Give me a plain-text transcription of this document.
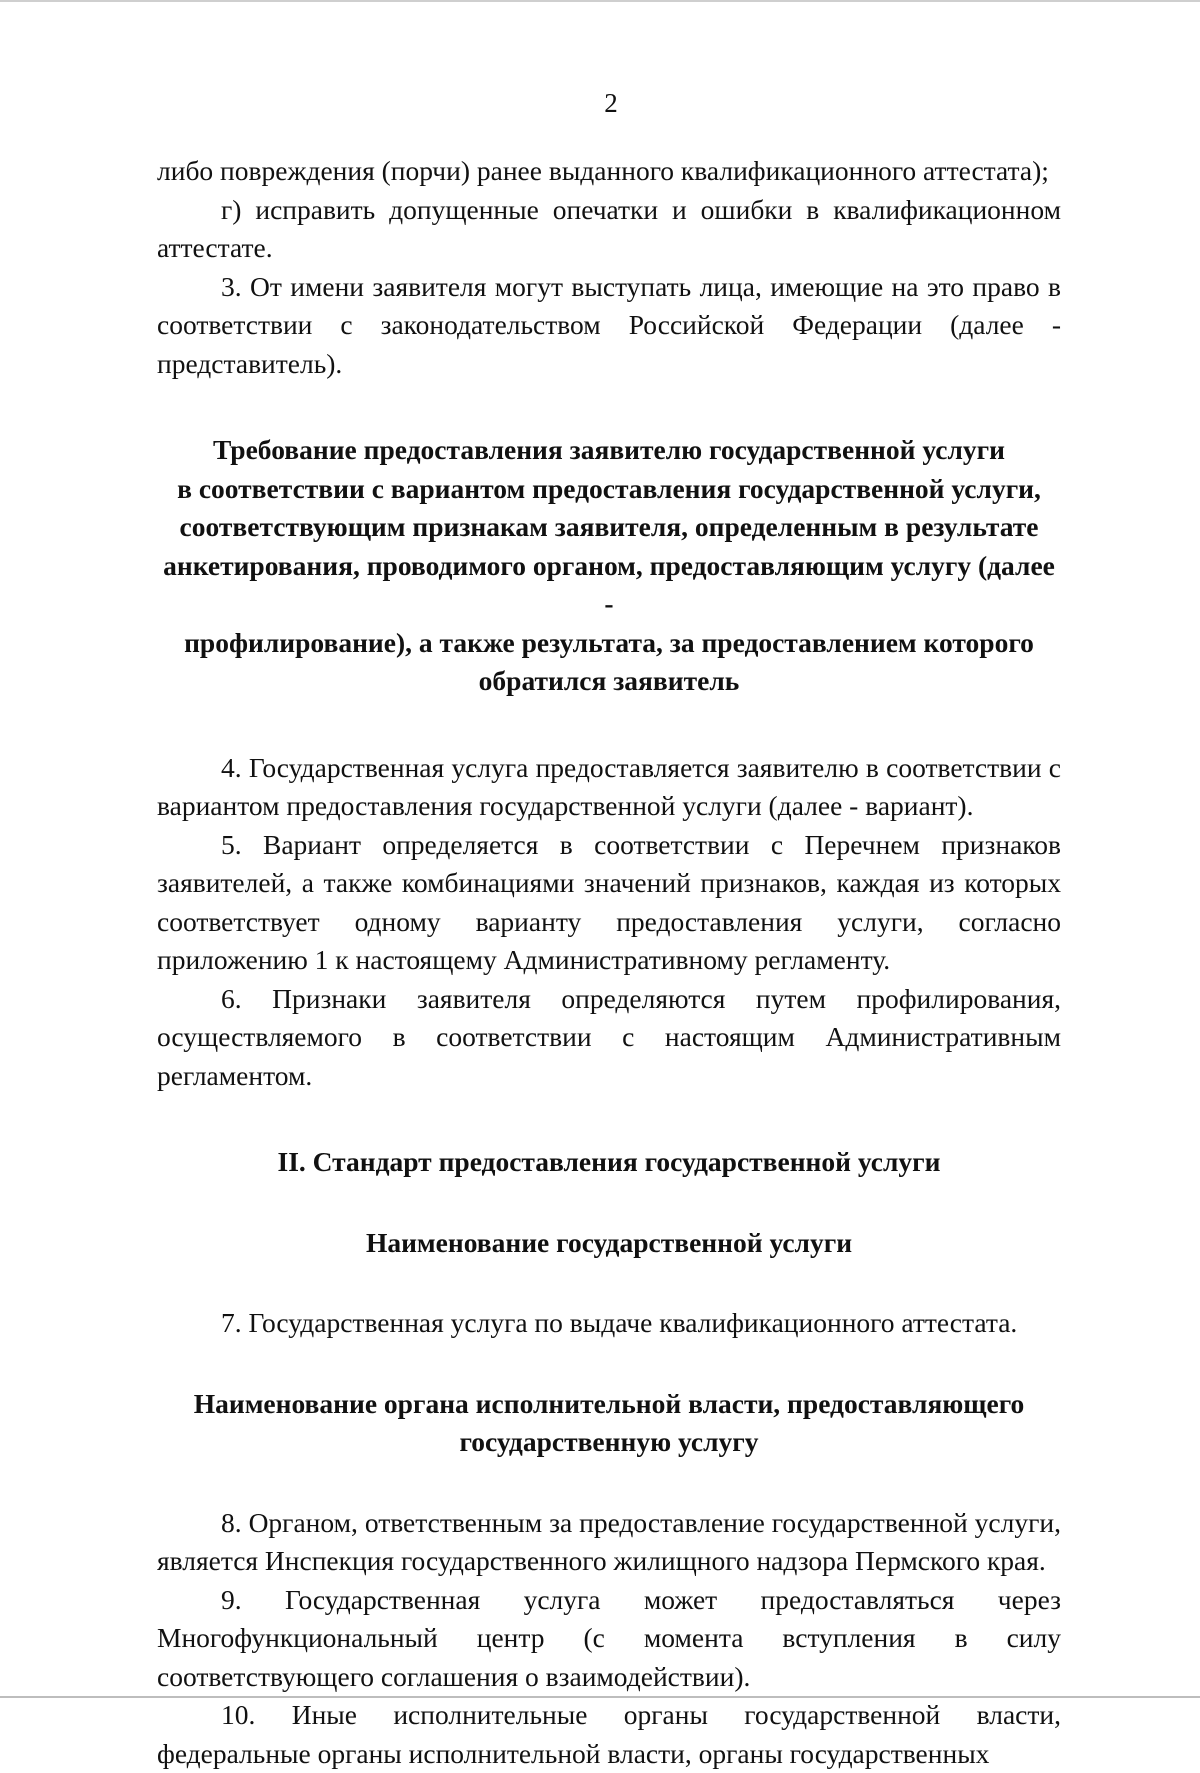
2

либо повреждения (порчи) ранее выданного квалификационного аттестата);

г) исправить допущенные опечатки и ошибки в квалификационном аттестате.

3. От имени заявителя могут выступать лица, имеющие на это право в соответствии с законодательством Российской Федерации (далее - представитель).

Требование предоставления заявителю государственной услуги
в соответствии с вариантом предоставления государственной услуги,
соответствующим признакам заявителя, определенным в результате
анкетирования, проводимого органом, предоставляющим услугу (далее -
профилирование), а также результата, за предоставлением которого
обратился заявитель

4. Государственная услуга предоставляется заявителю в соответствии с вариантом предоставления государственной услуги (далее - вариант).

5. Вариант определяется в соответствии с Перечнем признаков заявителей, а также комбинациями значений признаков, каждая из которых соответствует одному варианту предоставления услуги, согласно приложению 1 к настоящему Административному регламенту.

6. Признаки заявителя определяются путем профилирования, осуществляемого в соответствии с настоящим Административным регламентом.

II. Стандарт предоставления государственной услуги
Наименование государственной услуги

7. Государственная услуга по выдаче квалификационного аттестата.

Наименование органа исполнительной власти, предоставляющего
государственную услугу

8. Органом, ответственным за предоставление государственной услуги, является Инспекция государственного жилищного надзора Пермского края.

9. Государственная услуга может предоставляться через Многофункциональный центр (с момента вступления в силу соответствующего соглашения о взаимодействии).

10. Иные исполнительные органы государственной власти, федеральные органы исполнительной власти, органы государственных
